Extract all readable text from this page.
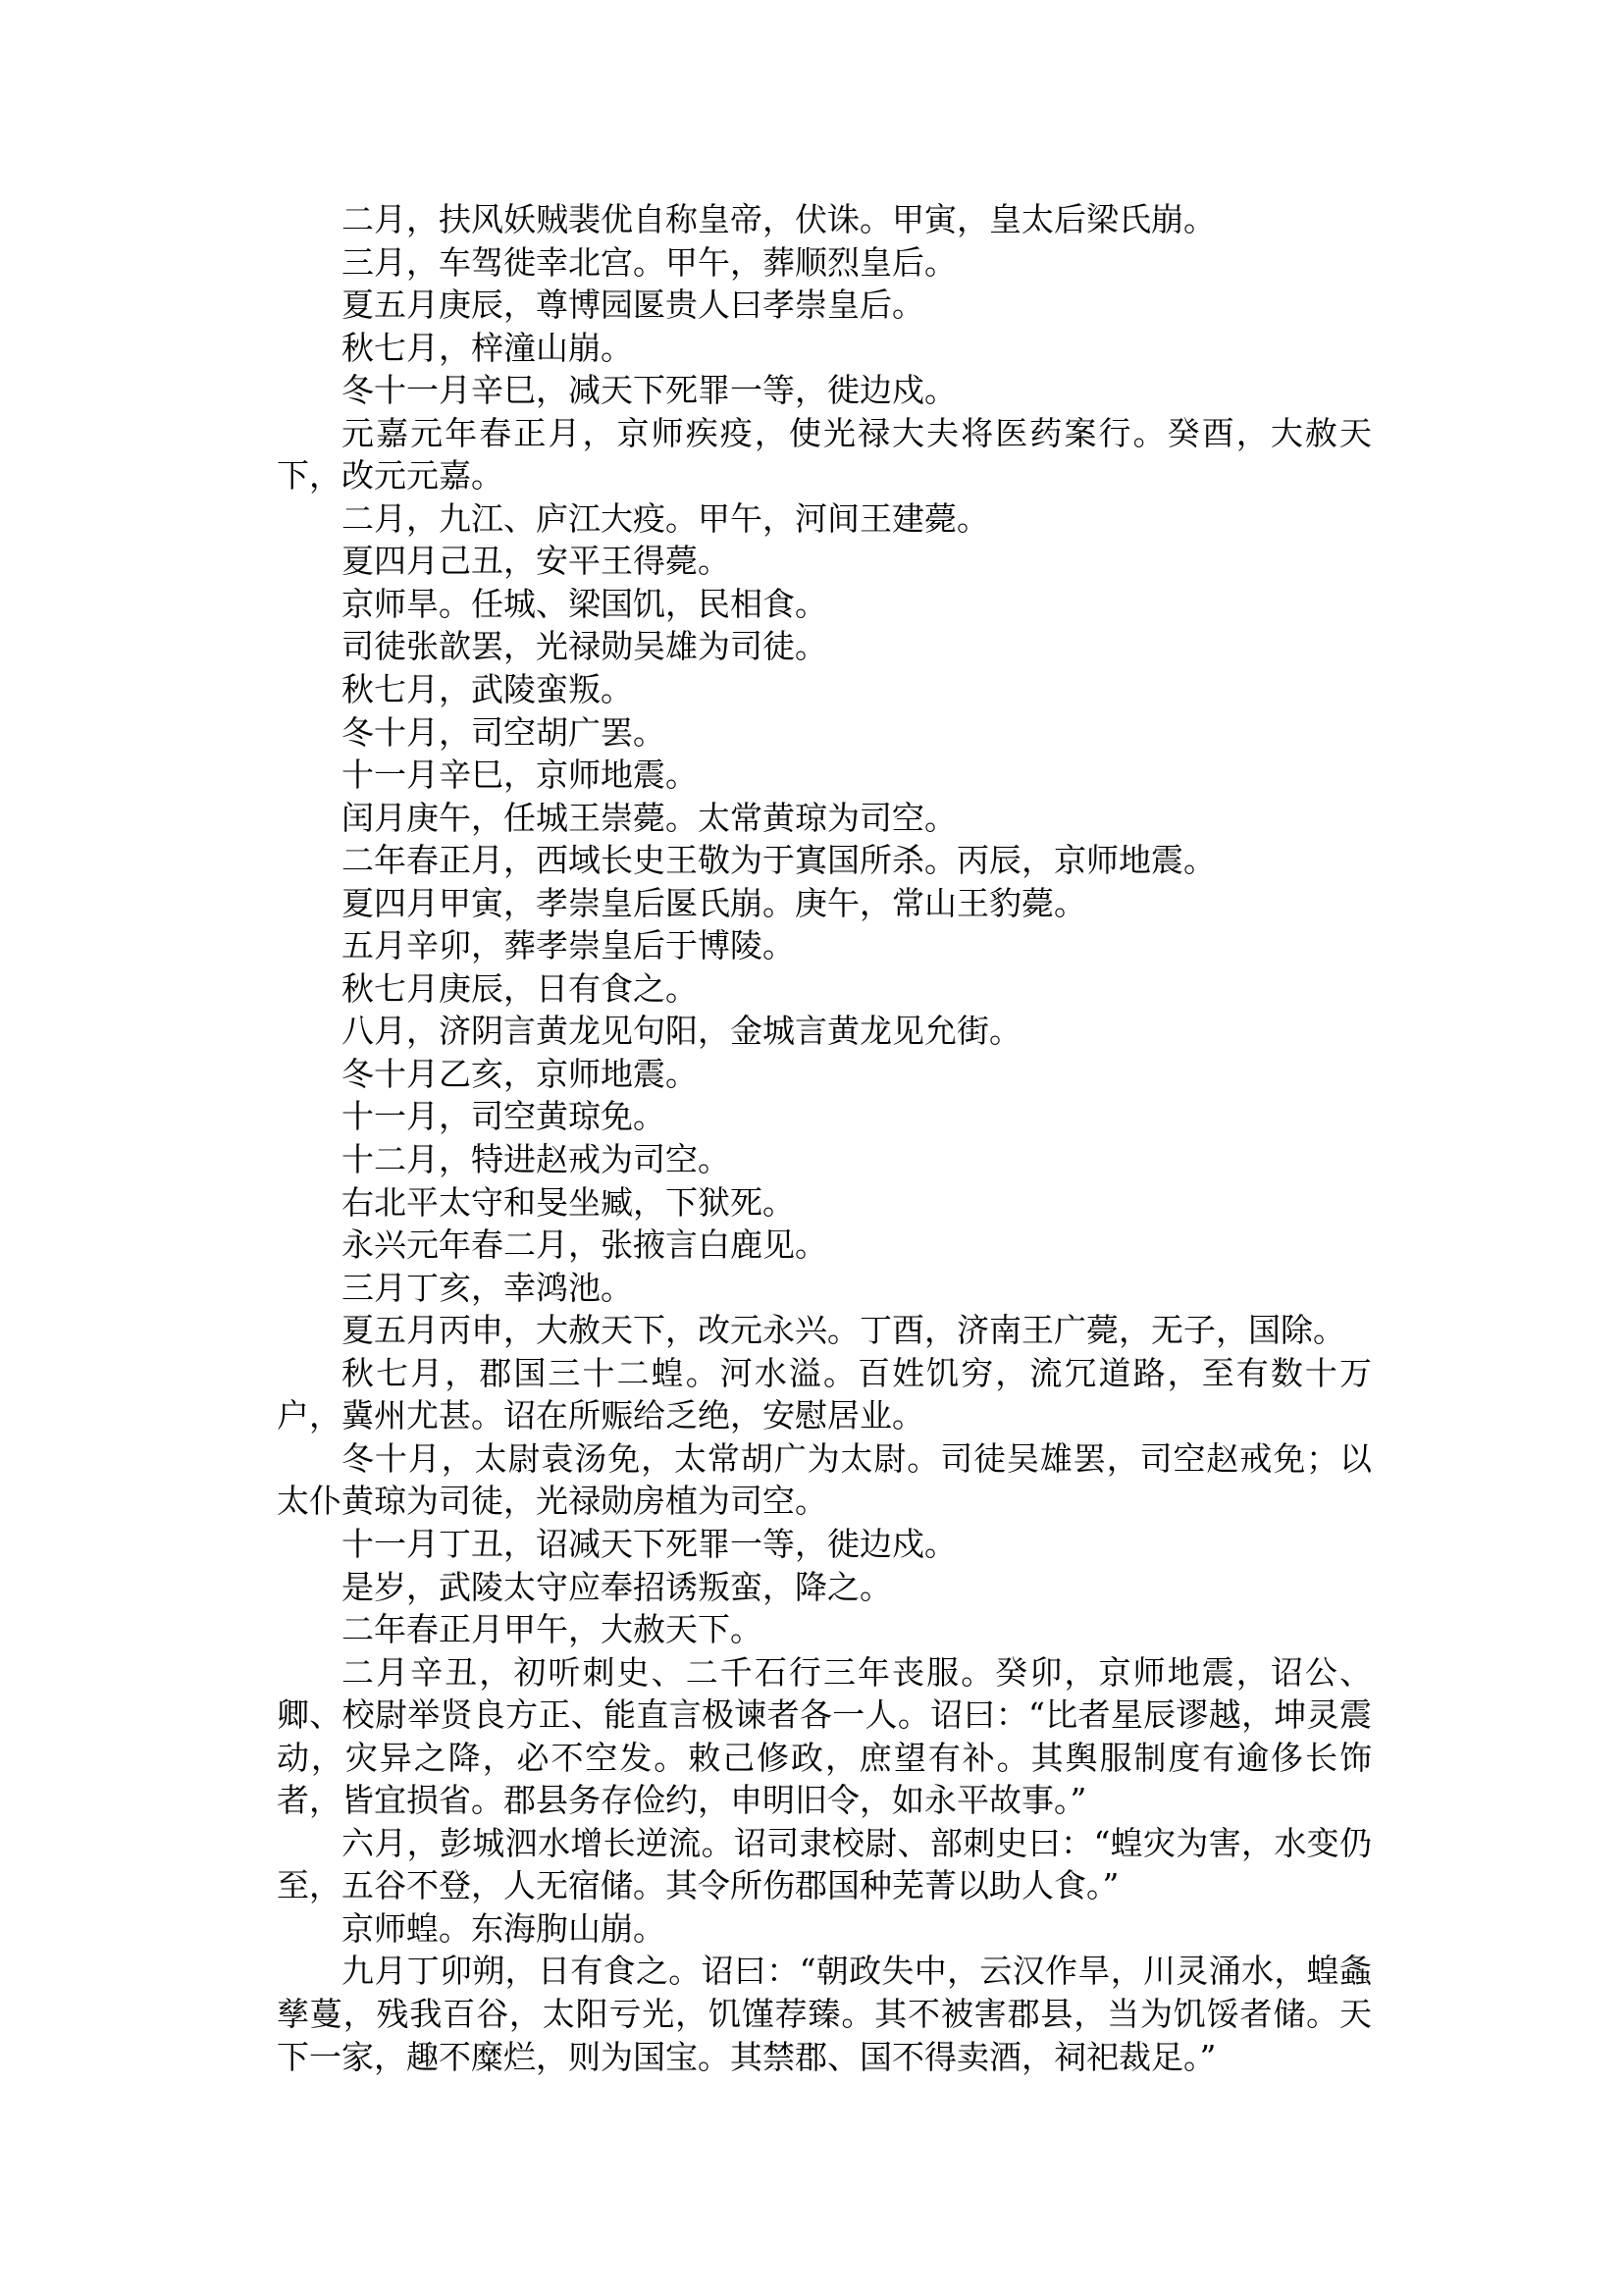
二月，扶风妖贼裴优自称皇帝，伏诛。甲寅，皇太后梁氏崩。

三月，车驾徙幸北宫。甲午，葬顺烈皇后。

夏五月庚辰，尊博园匽贵人曰孝崇皇后。

秋七月，梓潼山崩。

冬十一月辛巳，减天下死罪一等，徙边戍。

元嘉元年春正月，京师疾疫，使光禄大夫将医药案行。癸酉，大赦天下，改元元嘉。

二月，九江、庐江大疫。甲午，河间王建薨。

夏四月己丑，安平王得薨。

京师旱。任城、梁国饥，民相食。

司徒张歆罢，光禄勋吴雄为司徒。

秋七月，武陵蛮叛。

冬十月，司空胡广罢。

十一月辛巳，京师地震。

闰月庚午，任城王崇薨。太常黄琼为司空。

二年春正月，西域长史王敬为于寘国所杀。丙辰，京师地震。

夏四月甲寅，孝崇皇后匽氏崩。庚午，常山王豹薨。

五月辛卯，葬孝崇皇后于博陵。

秋七月庚辰，日有食之。

八月，济阴言黄龙见句阳，金城言黄龙见允街。

冬十月乙亥，京师地震。

十一月，司空黄琼免。

十二月，特进赵戒为司空。

右北平太守和旻坐臧，下狱死。

永兴元年春二月，张掖言白鹿见。

三月丁亥，幸鸿池。

夏五月丙申，大赦天下，改元永兴。丁酉，济南王广薨，无子，国除。

秋七月，郡国三十二蝗。河水溢。百姓饥穷，流冗道路，至有数十万户，冀州尤甚。诏在所赈给乏绝，安慰居业。

冬十月，太尉袁汤免，太常胡广为太尉。司徒吴雄罢，司空赵戒免；以太仆黄琼为司徒，光禄勋房植为司空。

十一月丁丑，诏减天下死罪一等，徙边戍。

是岁，武陵太守应奉招诱叛蛮，降之。

二年春正月甲午，大赦天下。

二月辛丑，初听刺史、二千石行三年丧服。癸卯，京师地震，诏公、卿、校尉举贤良方正、能直言极谏者各一人。诏曰：“比者星辰谬越，坤灵震动，灾异之降，必不空发。敕己修政，庶望有补。其舆服制度有逾侈长饰者，皆宜损省。郡县务存俭约，申明旧令，如永平故事。”

六月，彭城泗水增长逆流。诏司隶校尉、部刺史曰：“蝗灾为害，水变仍至，五谷不登，人无宿储。其令所伤郡国种芜菁以助人食。”

京师蝗。东海朐山崩。

九月丁卯朔，日有食之。诏曰：“朝政失中，云汉作旱，川灵涌水，蝗螽孳蔓，残我百谷，太阳亏光，饥馑荐臻。其不被害郡县，当为饥馁者储。天下一家，趣不糜烂，则为国宝。其禁郡、国不得卖酒，祠祀裁足。”
